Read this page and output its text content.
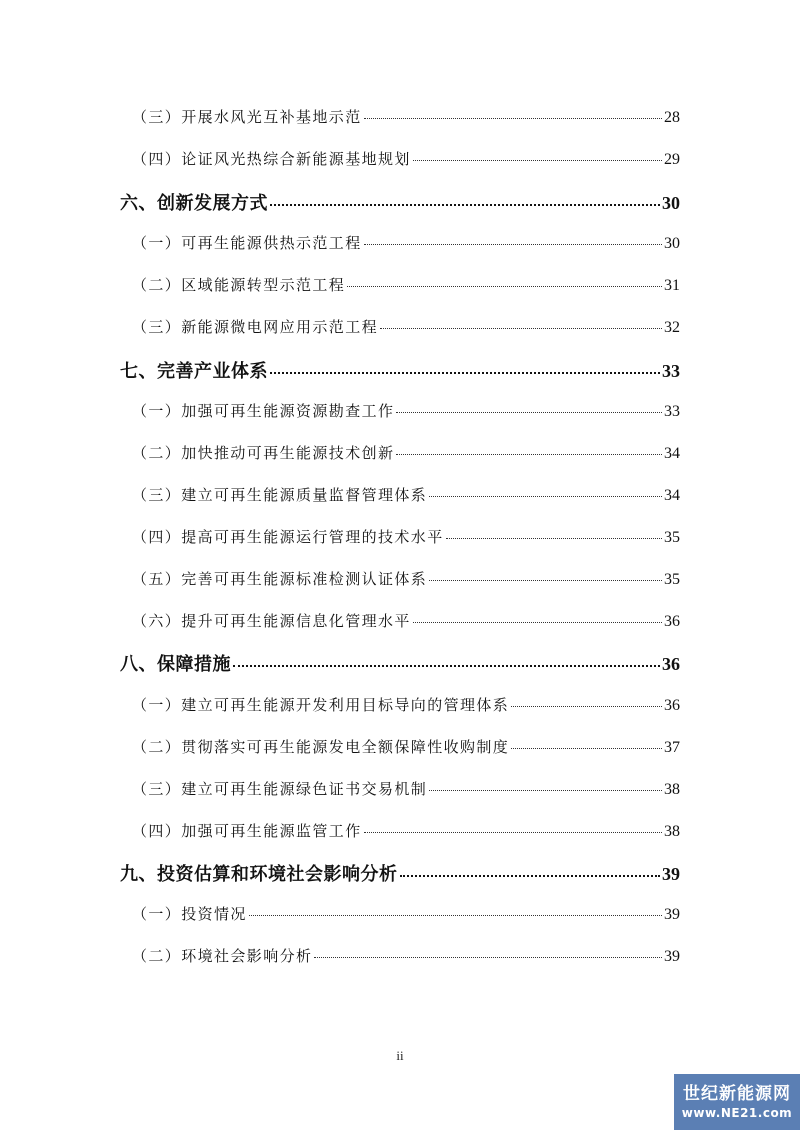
（三）开展水风光互补基地示范	28
（四）论证风光热综合新能源基地规划	29
六、创新发展方式	30
（一）可再生能源供热示范工程	30
（二）区域能源转型示范工程	31
（三）新能源微电网应用示范工程	32
七、完善产业体系	33
（一）加强可再生能源资源勘查工作	33
（二）加快推动可再生能源技术创新	34
（三）建立可再生能源质量监督管理体系	34
（四）提高可再生能源运行管理的技术水平	35
（五）完善可再生能源标准检测认证体系	35
（六）提升可再生能源信息化管理水平	36
八、保障措施	36
（一）建立可再生能源开发利用目标导向的管理体系	36
（二）贯彻落实可再生能源发电全额保障性收购制度	37
（三）建立可再生能源绿色证书交易机制	38
（四）加强可再生能源监管工作	38
九、投资估算和环境社会影响分析	39
（一）投资情况	39
（二）环境社会影响分析	39
ii
世纪新能源网
www.NE21.com
